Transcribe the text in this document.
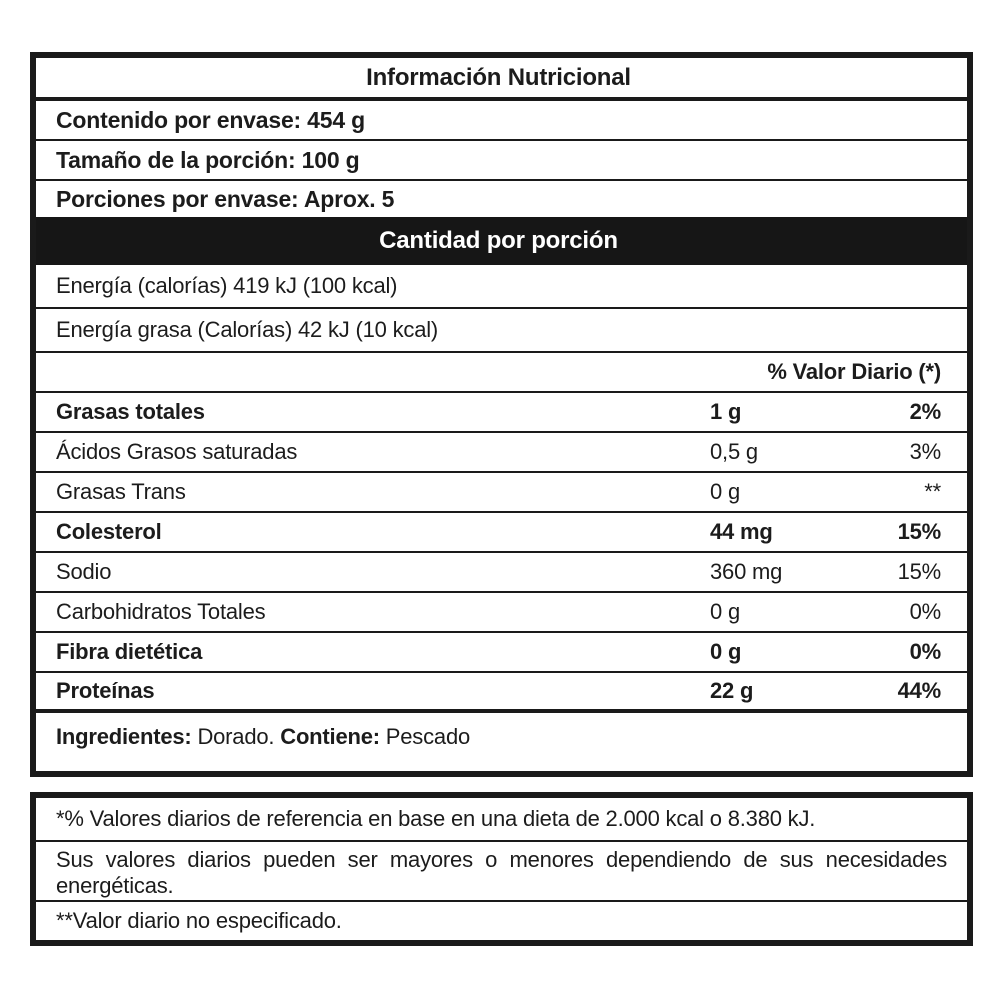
Información Nutricional
Contenido por envase: 454 g
Tamaño de la porción: 100 g
Porciones por envase: Aprox. 5
Cantidad por porción
Energía (calorías) 419 kJ (100 kcal)
Energía grasa (Calorías) 42 kJ (10 kcal)
% Valor Diario (*)
Grasas totales	1 g	2%
Ácidos Grasos saturadas	0,5 g	3%
Grasas Trans	0 g	**
Colesterol	44 mg	15%
Sodio	360 mg	15%
Carbohidratos Totales	0 g	0%
Fibra dietética	0 g	0%
Proteínas	22 g	44%
Ingredientes: Dorado. Contiene: Pescado
*% Valores diarios de referencia en base en una dieta de 2.000 kcal o 8.380 kJ.
Sus valores diarios pueden ser mayores o menores dependiendo de sus necesidades energéticas.
**Valor diario no especificado.
